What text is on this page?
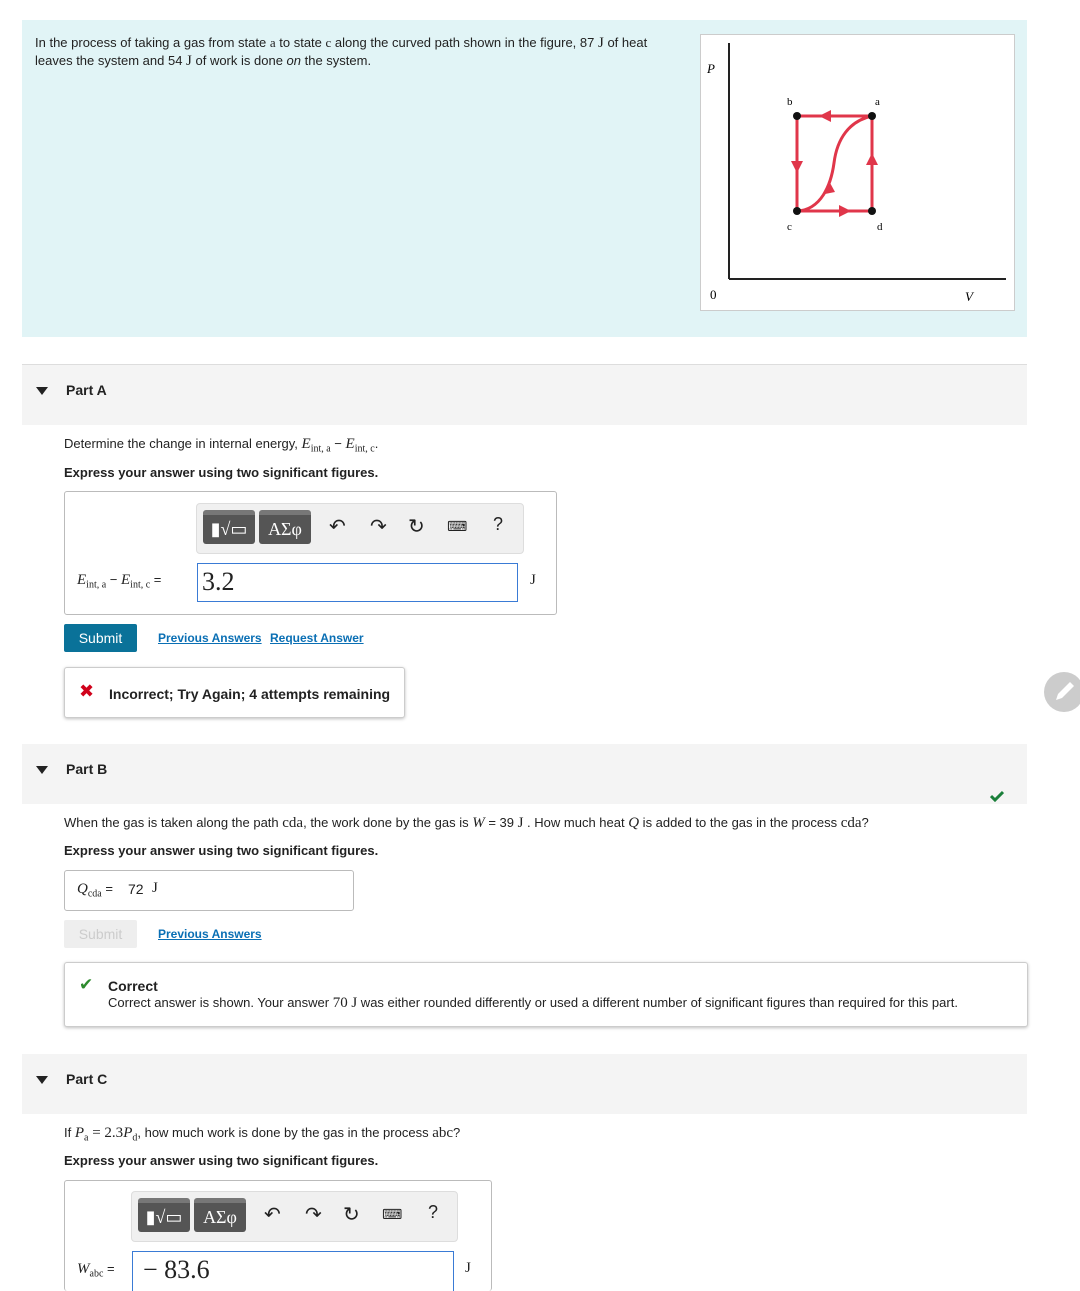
In the process of taking a gas from state a to state c along the curved path shown in the figure, 87 J of heat leaves the system and 54 J of work is done on the system.
P
V
0
a
b
c	d
Part A
Determine the change in internal energy, $E_{int, a} - E_{int, c}$.
Express your answer using two significant figures.
▮√▭	ΑΣφ	↶ ↷ ↻ ⌨ ?
$E_{int, a} - E_{int, c} = 3.2$	J
Submit	Previous Answers Request Answer
✖ Incorrect; Try Again; 4 attempts remaining
Part B
When the gas is taken along the path cda, the work done by the gas is W = 39 J . How much heat Q is added to the gas in the process cda?
Express your answer using two significant figures.
$Q_{cda} = 72$ J
Submit	Previous Answers
✔ Correct
Correct answer is shown. Your answer 70 J was either rounded differently or used a different number of significant figures than required for this part.
Part C
If $P_a = 2.3P_d$, how much work is done by the gas in the process abc?
Express your answer using two significant figures.
▮√▭	ΑΣφ	↶ ↷ ↻ ⌨ ?
$W_{abc}$ =	− 83.6	J
